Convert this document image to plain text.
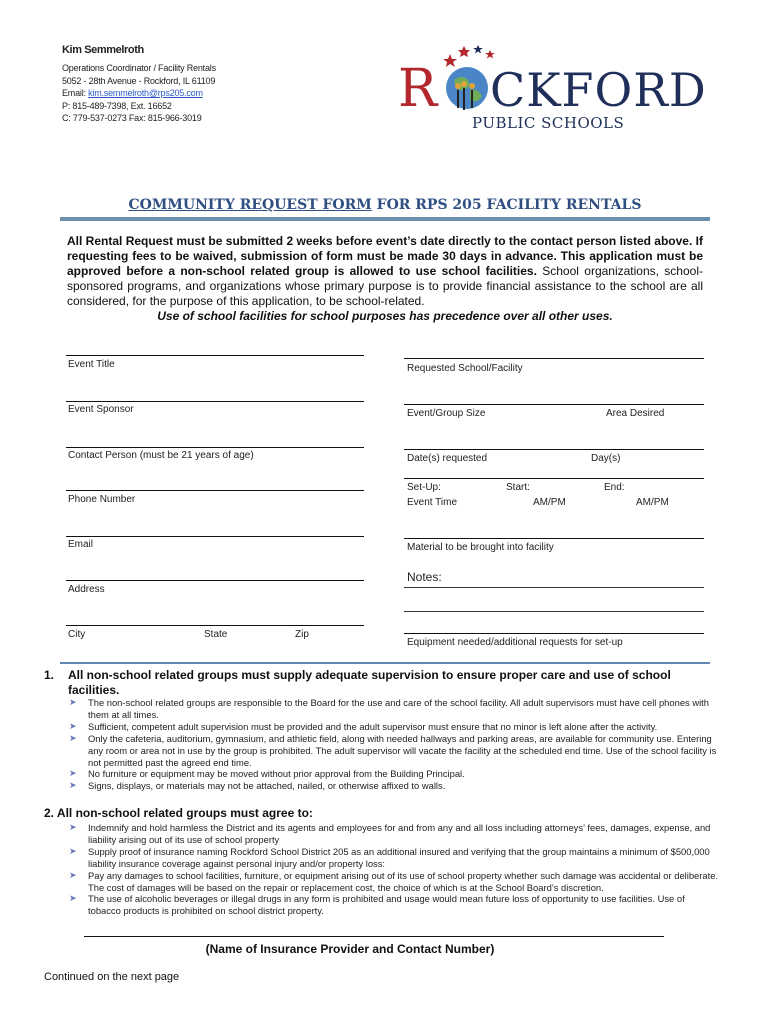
Kim Semmelroth
Operations Coordinator / Facility Rentals
5052 - 28th Avenue - Rockford, IL 61109
Email: kim.semmelroth@rps205.com
P: 815-489-7398, Ext. 16652
C: 779-537-0273 Fax: 815-966-3019	R CKFORD
PUBLIC SCHOOLS
COMMUNITY REQUEST FORM FOR RPS 205 FACILITY RENTALS
All Rental Request must be submitted 2 weeks before event’s date directly to the contact person listed above. If requesting fees to be waived, submission of form must be made 30 days in advance. This application must be approved before a non-school related group is allowed to use school facilities. School organizations, school-sponsored programs, and organizations whose primary purpose is to provide financial assistance to the school are all considered, for the purpose of this application, to be school-related.
Use of school facilities for school purposes has precedence over all other uses.
Event Title
Event Sponsor
Contact Person (must be 21 years of age)
Phone Number
Email
Address
City	State	Zip
Requested School/Facility
Event/Group Size	Area Desired
Date(s) requested	Day(s)
Set-Up:	Start:	End:
Event Time	AM/PM	AM/PM
Material to be brought into facility
Notes:
Equipment needed/additional requests for set-up
1. All non-school related groups must supply adequate supervision to ensure proper care and use of school facilities.
➤ The non-school related groups are responsible to the Board for the use and care of the school facility. All adult supervisors must have cell phones with them at all times.
➤ Sufficient, competent adult supervision must be provided and the adult supervisor must ensure that no minor is left alone after the activity.
➤ Only the cafeteria, auditorium, gymnasium, and athletic field, along with needed hallways and parking areas, are available for community use. Entering any room or area not in use by the group is prohibited. The adult supervisor will vacate the facility at the scheduled end time. Use of the school facility is not permitted past the agreed end time.
➤ No furniture or equipment may be moved without prior approval from the Building Principal.
➤ Signs, displays, or materials may not be attached, nailed, or otherwise affixed to walls.
2. All non-school related groups must agree to:
➤ Indemnify and hold harmless the District and its agents and employees for and from any and all loss including attorneys’ fees, damages, expense, and liability arising out of its use of school property
➤ Supply proof of insurance naming Rockford School District 205 as an additional insured and verifying that the group maintains a minimum of $500,000 liability insurance coverage against personal injury and/or property loss:
➤ Pay any damages to school facilities, furniture, or equipment arising out of its use of school property whether such damage was accidental or deliberate. The cost of damages will be based on the repair or replacement cost, the choice of which is at the School Board’s discretion.
➤ The use of alcoholic beverages or illegal drugs in any form is prohibited and usage would mean future loss of opportunity to use facilities. Use of tobacco products is prohibited on school district property.
(Name of Insurance Provider and Contact Number)
Continued on the next page
